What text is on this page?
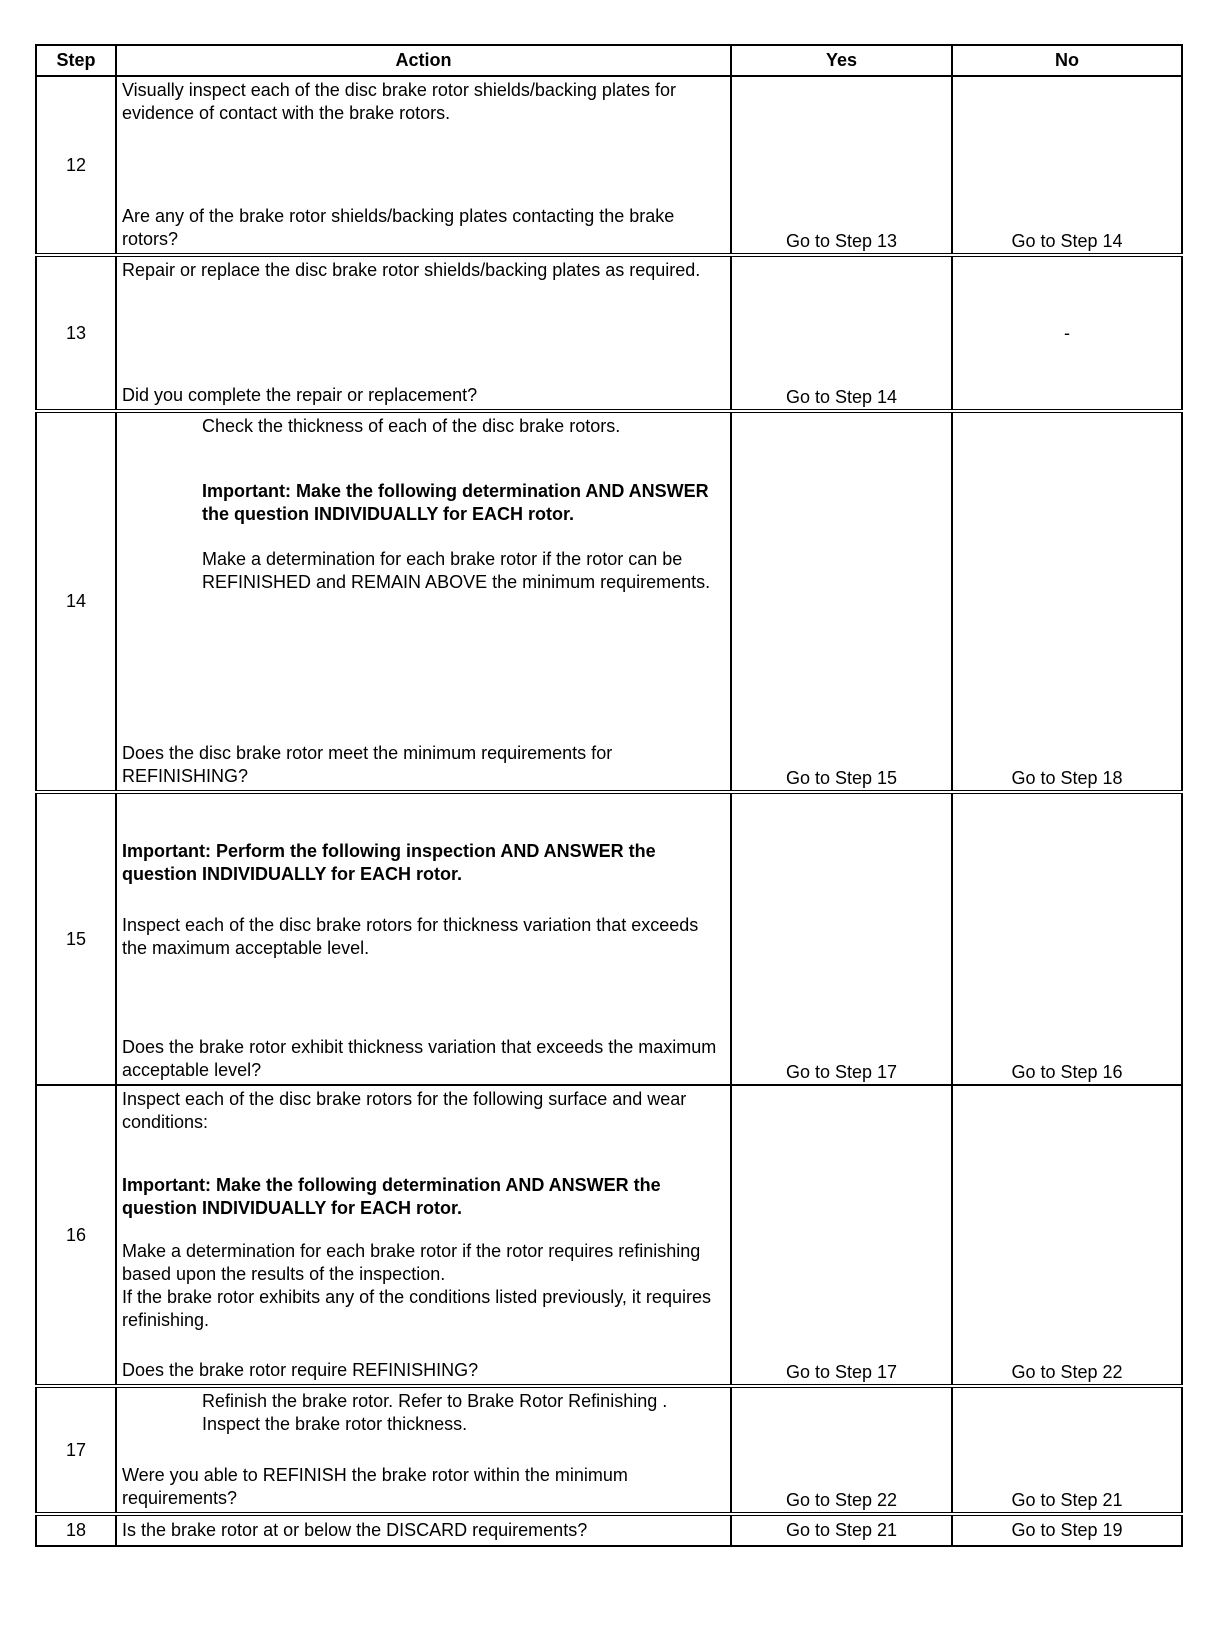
Step	Action	Yes	No
12	Visually inspect each of the disc brake rotor shields/backing plates for evidence of contact with the brake rotors.

Are any of the brake rotor shields/backing plates contacting the brake rotors?	Go to Step 13	Go to Step 14
13	Repair or replace the disc brake rotor shields/backing plates as required.

Did you complete the repair or replacement?	Go to Step 14	-
14	Check the thickness of each of the disc brake rotors.

Important: Make the following determination AND ANSWER the question INDIVIDUALLY for EACH rotor.

Make a determination for each brake rotor if the rotor can be REFINISHED and REMAIN ABOVE the minimum requirements.

Does the disc brake rotor meet the minimum requirements for REFINISHING?	Go to Step 15	Go to Step 18
15	Important: Perform the following inspection AND ANSWER the question INDIVIDUALLY for EACH rotor.

Inspect each of the disc brake rotors for thickness variation that exceeds the maximum acceptable level.

Does the brake rotor exhibit thickness variation that exceeds the maximum acceptable level?	Go to Step 17	Go to Step 16
16	Inspect each of the disc brake rotors for the following surface and wear conditions:

Important: Make the following determination AND ANSWER the question INDIVIDUALLY for EACH rotor.

Make a determination for each brake rotor if the rotor requires refinishing based upon the results of the inspection.

If the brake rotor exhibits any of the conditions listed previously, it requires refinishing.

Does the brake rotor require REFINISHING?	Go to Step 17	Go to Step 22
17	Refinish the brake rotor. Refer to Brake Rotor Refinishing .

Inspect the brake rotor thickness.

Were you able to REFINISH the brake rotor within the minimum requirements?	Go to Step 22	Go to Step 21
18	Is the brake rotor at or below the DISCARD requirements?	Go to Step 21	Go to Step 19
